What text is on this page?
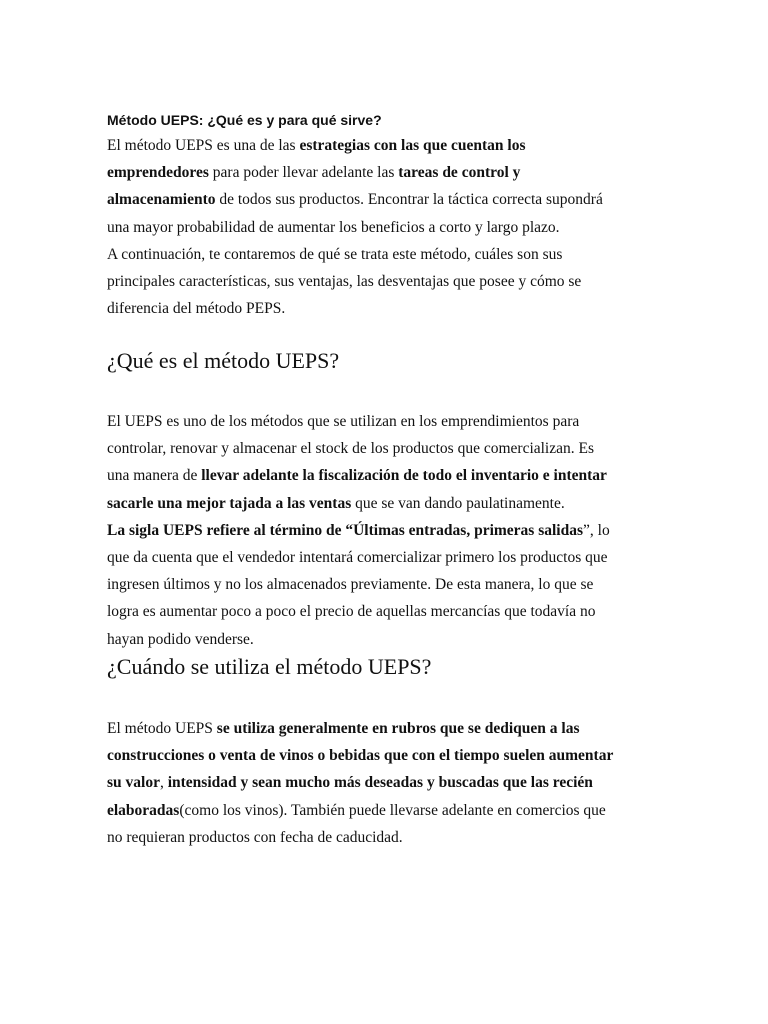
Método UEPS: ¿Qué es y para qué sirve?

El método UEPS es una de las estrategias con las que cuentan los
emprendedores para poder llevar adelante las tareas de control y
almacenamiento de todos sus productos. Encontrar la táctica correcta supondrá
una mayor probabilidad de aumentar los beneficios a corto y largo plazo.
A continuación, te contaremos de qué se trata este método, cuáles son sus
principales características, sus ventajas, las desventajas que posee y cómo se
diferencia del método PEPS.

¿Qué es el método UEPS?

El UEPS es uno de los métodos que se utilizan en los emprendimientos para
controlar, renovar y almacenar el stock de los productos que comercializan. Es
una manera de llevar adelante la fiscalización de todo el inventario e intentar
sacarle una mejor tajada a las ventas que se van dando paulatinamente.
La sigla UEPS refiere al término de “Últimas entradas, primeras salidas”, lo
que da cuenta que el vendedor intentará comercializar primero los productos que
ingresen últimos y no los almacenados previamente. De esta manera, lo que se
logra es aumentar poco a poco el precio de aquellas mercancías que todavía no
hayan podido venderse.

¿Cuándo se utiliza el método UEPS?

El método UEPS se utiliza generalmente en rubros que se dediquen a las
construcciones o venta de vinos o bebidas que con el tiempo suelen aumentar
su valor, intensidad y sean mucho más deseadas y buscadas que las recién
elaboradas(como los vinos). También puede llevarse adelante en comercios que
no requieran productos con fecha de caducidad.
